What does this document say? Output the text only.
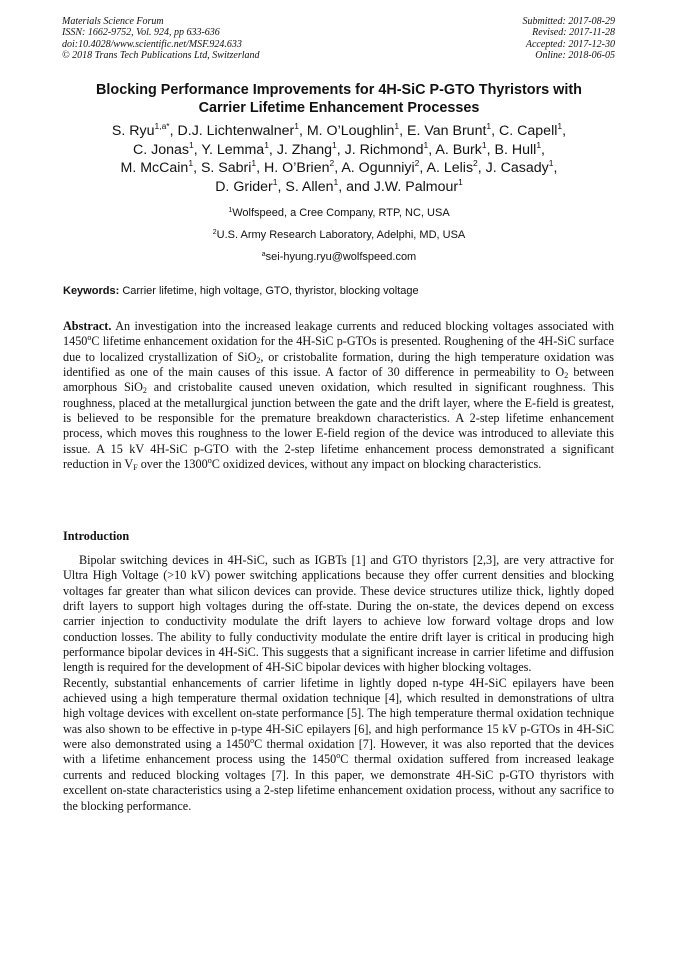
Materials Science Forum
ISSN: 1662-9752, Vol. 924, pp 633-636
doi:10.4028/www.scientific.net/MSF.924.633
© 2018 Trans Tech Publications Ltd, Switzerland
Submitted: 2017-08-29
Revised: 2017-11-28
Accepted: 2017-12-30
Online: 2018-06-05
Blocking Performance Improvements for 4H-SiC P-GTO Thyristors with
Carrier Lifetime Enhancement Processes
S. Ryu$^{1,a*}$, D.J. Lichtenwalner$^1$, M. O’Loughlin$^1$, E. Van Brunt$^1$, C. Capell$^1$,
C. Jonas$^1$, Y. Lemma$^1$, J. Zhang$^1$, J. Richmond$^1$, A. Burk$^1$, B. Hull$^1$,
M. McCain$^1$, S. Sabri$^1$, H. O’Brien$^2$, A. Ogunniyi$^2$, A. Lelis$^2$, J. Casady$^1$,
D. Grider$^1$, S. Allen$^1$, and J.W. Palmour$^1$
$^1$Wolfspeed, a Cree Company, RTP, NC, USA
$^2$U.S. Army Research Laboratory, Adelphi, MD, USA
$^a$sei-hyung.ryu@wolfspeed.com
Keywords: Carrier lifetime, high voltage, GTO, thyristor, blocking voltage
Abstract. An investigation into the increased leakage currents and reduced blocking voltages associated with 1450$^o$C lifetime enhancement oxidation for the 4H-SiC p-GTOs is presented. Roughening of the 4H-SiC surface due to localized crystallization of SiO$_2$, or cristobalite formation, during the high temperature oxidation was identified as one of the main causes of this issue. A factor of 30 difference in permeability to $O_2$ between amorphous SiO$_2$ and cristobalite caused uneven oxidation, which resulted in significant roughness. This roughness, placed at the metallurgical junction between the gate and the drift layer, where the E-field is greatest, is believed to be responsible for the premature breakdown characteristics. A 2-step lifetime enhancement process, which moves this roughness to the lower E-field region of the device was introduced to alleviate this issue. A 15 kV 4H-SiC p-GTO with the 2-step lifetime enhancement process demonstrated a significant reduction in $V_F$ over the 1300$^o$C oxidized devices, without any impact on blocking characteristics.
Introduction

Bipolar switching devices in 4H-SiC, such as IGBTs [1] and GTO thyristors [2,3], are very attractive for Ultra High Voltage (>10 kV) power switching applications because they offer current densities and blocking voltages far greater than what silicon devices can provide. These device structures utilize thick, lightly doped drift layers to support high voltages during the off-state. During the on-state, the devices depend on excess carrier injection to conductivity modulate the drift layers to achieve low forward voltage drops and low conduction losses. The ability to fully conductivity modulate the entire drift layer is critical in producing high performance bipolar devices in 4H-SiC. This suggests that a significant increase in carrier lifetime and diffusion length is required for the development of 4H-SiC bipolar devices with higher blocking voltages.

Recently, substantial enhancements of carrier lifetime in lightly doped n-type 4H-SiC epilayers have been achieved using a high temperature thermal oxidation technique [4], which resulted in demonstrations of ultra high voltage devices with excellent on-state performance [5]. The high temperature thermal oxidation technique was also shown to be effective in p-type 4H-SiC epilayers [6], and high performance 15 kV p-GTOs in 4H-SiC were also demonstrated using a 1450$^o$C thermal oxidation [7]. However, it was also reported that the devices with a lifetime enhancement process using the 1450$^o$C thermal oxidation suffered from increased leakage currents and reduced blocking voltages [7]. In this paper, we demonstrate 4H-SiC p-GTO thyristors with excellent on-state characteristics using a 2-step lifetime enhancement oxidation process, without any sacrifice to the blocking performance.
